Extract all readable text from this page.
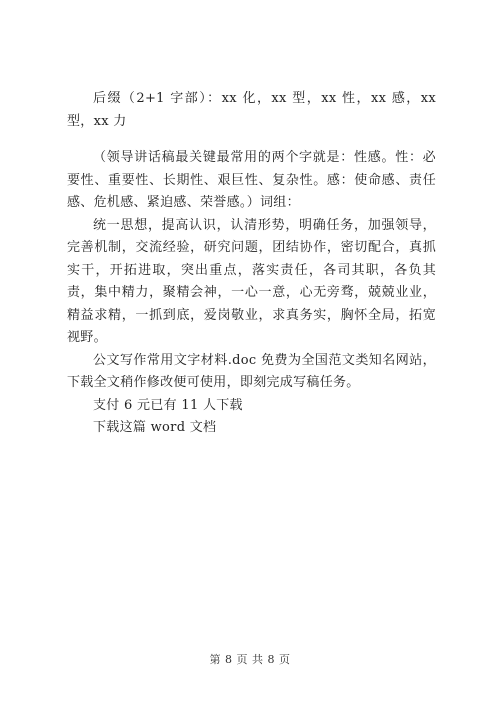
后缀（2+1 字部）：xx 化，xx 型，xx 性，xx 感，xx 型，xx 力

（领导讲话稿最关键最常用的两个字就是：性感。性：必要性、重要性、长期性、艰巨性、复杂性。感：使命感、责任感、危机感、紧迫感、荣誉感。）词组：

统一思想，提高认识，认清形势，明确任务，加强领导，完善机制，交流经验，研究问题，团结协作，密切配合，真抓实干，开拓进取，突出重点，落实责任，各司其职，各负其责，集中精力，聚精会神，一心一意，心无旁骛，兢兢业业，精益求精，一抓到底，爱岗敬业，求真务实，胸怀全局，拓宽视野。

公文写作常用文字材料.doc 免费为全国范文类知名网站，下载全文稍作修改便可使用，即刻完成写稿任务。

支付 6 元已有 11 人下载

下载这篇 word 文档

第 8 页 共 8 页
